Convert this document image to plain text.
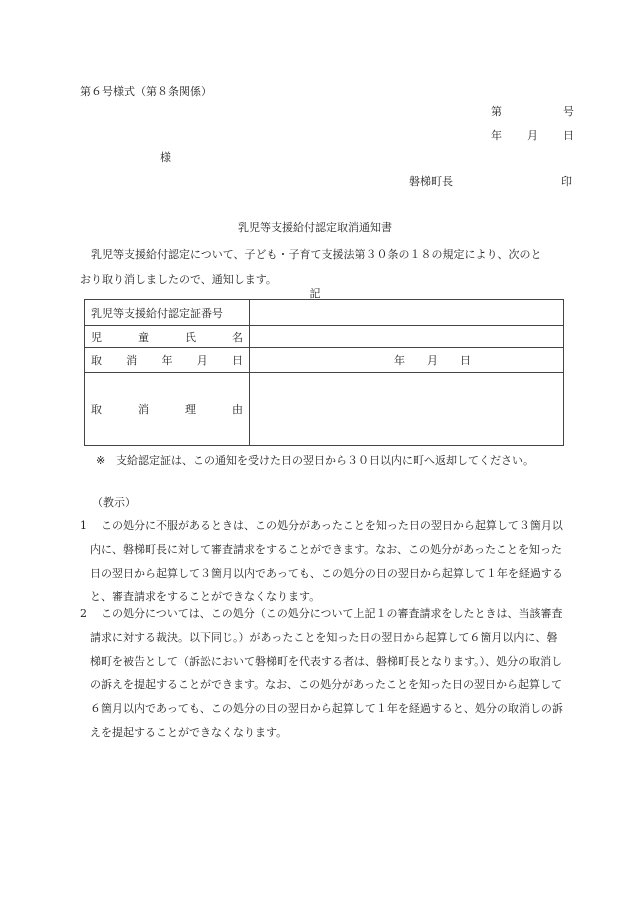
第６号様式（第８条関係）
第	号
年 月 日
様
磐梯町長	印
乳児等支援給付認定取消通知書
乳児等支援給付認定について、子ども・子育て支援法第３０条の１８の規定により、次のとおり取り消しましたので、通知します。
記
乳児等支援給付認定証番号	

児 童 氏 名	

取 消 年 月 日	年 月 日

取 消 理 由	

※ 支給認定証は、この通知を受けた日の翌日から３０日以内に町へ返却してください。
（教示）
1	この処分に不服があるときは、この処分があったことを知った日の翌日から起算して３箇月以内に、磐梯町長に対して審査請求をすることができます。なお、この処分があったことを知った日の翌日から起算して３箇月以内であっても、この処分の日の翌日から起算して１年を経過すると、審査請求をすることができなくなります。
2	この処分については、この処分（この処分について上記１の審査請求をしたときは、当該審査請求に対する裁決。以下同じ。）があったことを知った日の翌日から起算して６箇月以内に、磐梯町を被告として（訴訟において磐梯町を代表する者は、磐梯町長となります。）、処分の取消しの訴えを提起することができます。なお、この処分があったことを知った日の翌日から起算して６箇月以内であっても、この処分の日の翌日から起算して１年を経過すると、処分の取消しの訴えを提起することができなくなります。
